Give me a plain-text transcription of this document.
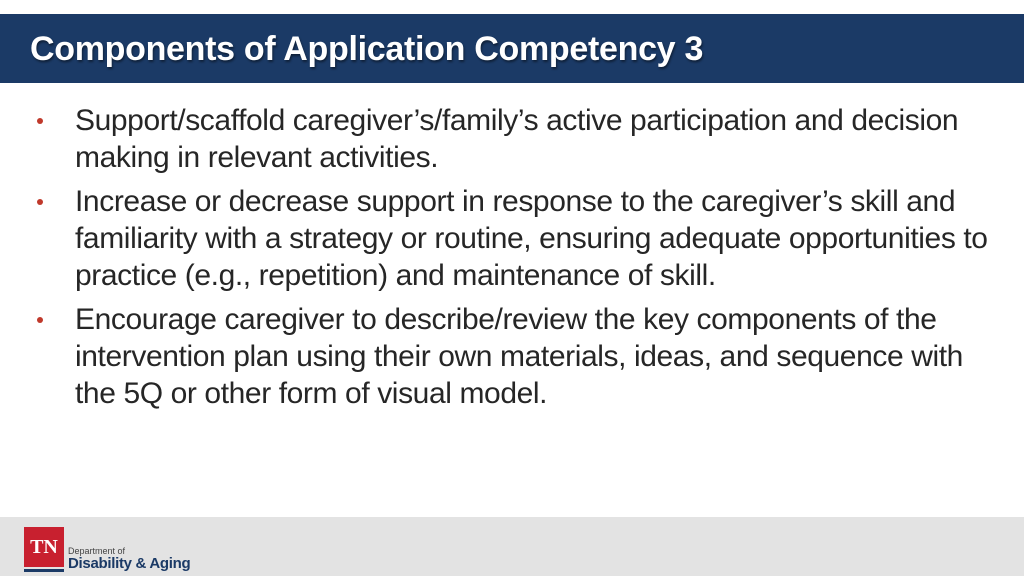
Components of Application Competency 3
Support/scaffold caregiver’s/family’s active participation and decision making in relevant activities.
Increase or decrease support in response to the caregiver’s skill and familiarity with a strategy or routine, ensuring adequate opportunities to practice (e.g., repetition) and maintenance of skill.
Encourage caregiver to describe/review the key components of the intervention plan using their own materials, ideas, and sequence with the 5Q or other form of visual model.
TN Department of
Disability & Aging
